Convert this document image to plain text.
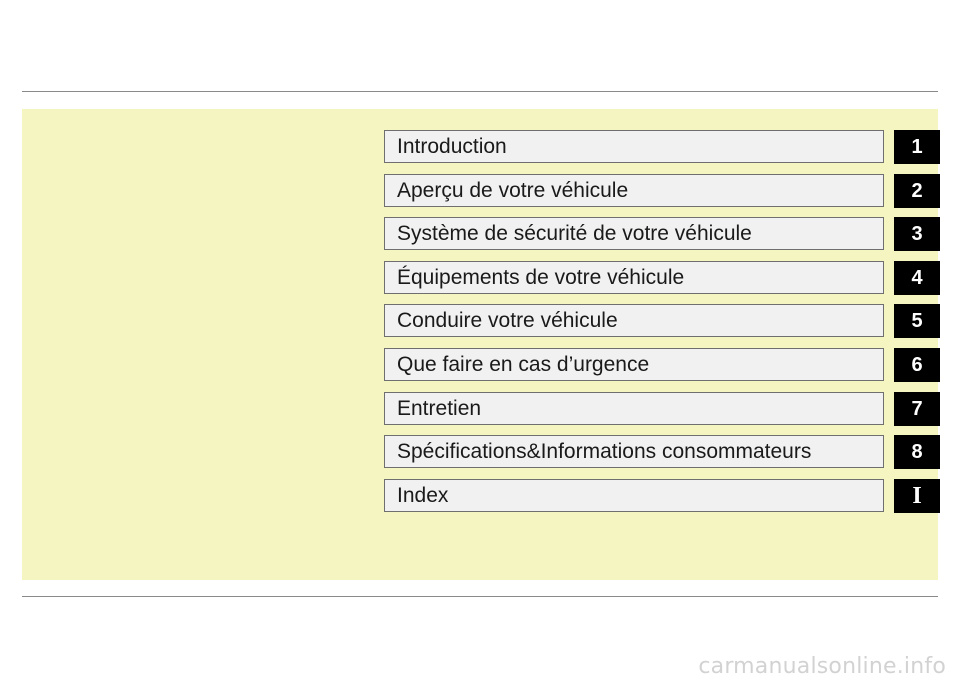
Introduction	1
Aperçu de votre véhicule	2
Système de sécurité de votre véhicule	3
Équipements de votre véhicule	4
Conduire votre véhicule	5
Que faire en cas d’urgence	6
Entretien	7
Spécifications&Informations consommateurs	8
Index	I
carmanualsonline.info
